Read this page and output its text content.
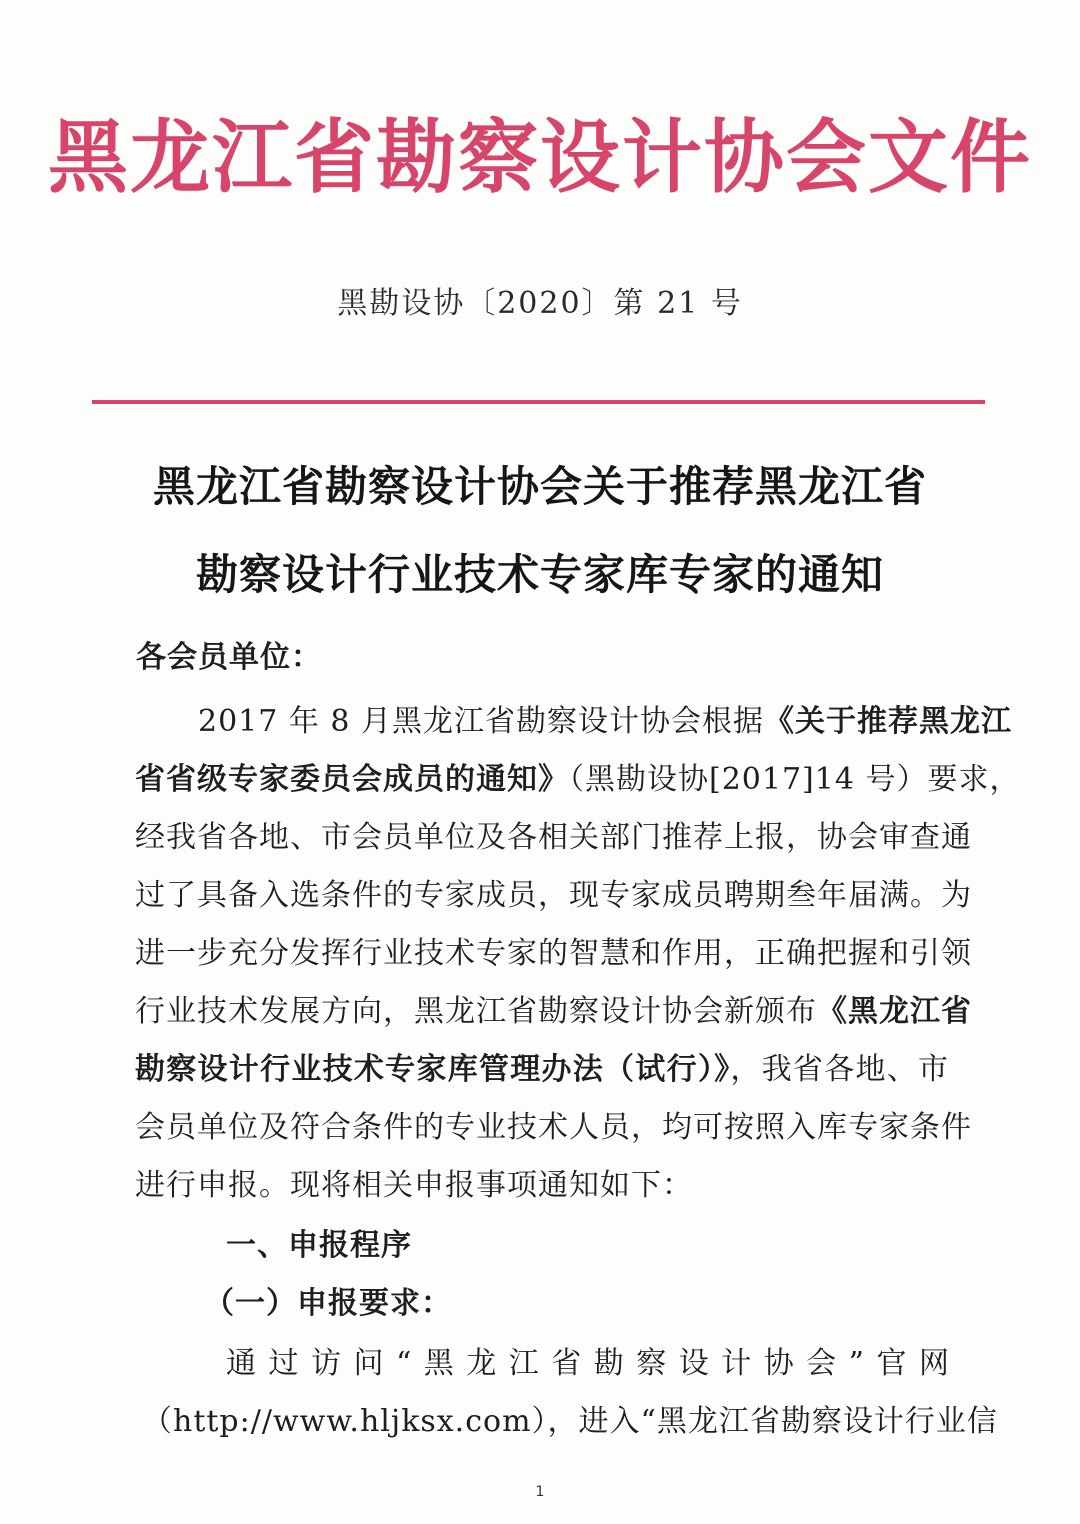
黑龙江省勘察设计协会文件
黑勘设协〔2020〕第 21 号
黑龙江省勘察设计协会关于推荐黑龙江省
勘察设计行业技术专家库专家的通知
各会员单位：
2017 年 8 月黑龙江省勘察设计协会根据《关于推荐黑龙江
省省级专家委员会成员的通知》（黑勘设协[2017]14 号）要求，
经我省各地、市会员单位及各相关部门推荐上报，协会审查通
过了具备入选条件的专家成员，现专家成员聘期叁年届满。为
进一步充分发挥行业技术专家的智慧和作用，正确把握和引领
行业技术发展方向，黑龙江省勘察设计协会新颁布《黑龙江省
勘察设计行业技术专家库管理办法（试行）》，我省各地、市
会员单位及符合条件的专业技术人员，均可按照入库专家条件
进行申报。现将相关申报事项通知如下：
一、申报程序
（一）申报要求：
通过访问“黑龙江省勘察设计协会”官网
（http://www.hljksx.com），进入“黑龙江省勘察设计行业信
1
